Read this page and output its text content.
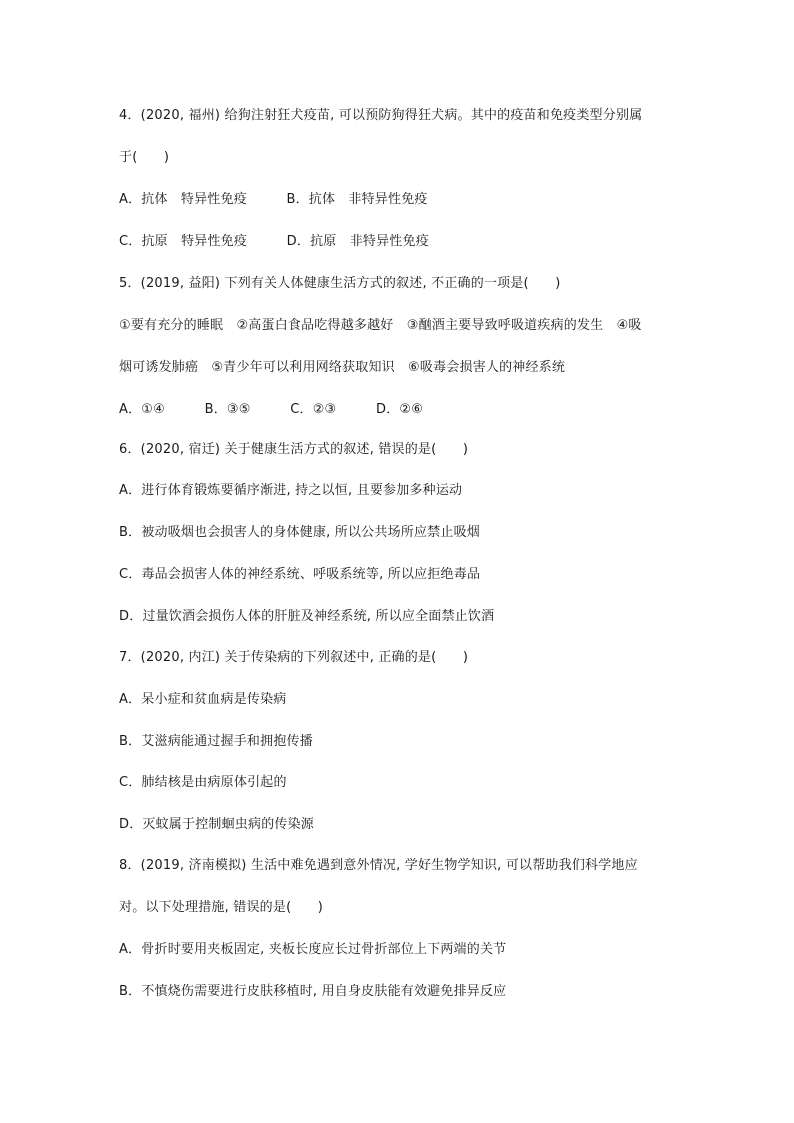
4．(2020, 福州) 给狗注射狂犬疫苗, 可以预防狗得狂犬病。其中的疫苗和免疫类型分别属
于(　　)
A．抗体　特异性免疫　　　B．抗体　非特异性免疫
C．抗原　特异性免疫　　　D．抗原　非特异性免疫
5．(2019, 益阳) 下列有关人体健康生活方式的叙述, 不正确的一项是(　　)
①要有充分的睡眠　②高蛋白食品吃得越多越好　③酗酒主要导致呼吸道疾病的发生　④吸
烟可诱发肺癌　⑤青少年可以利用网络获取知识　⑥吸毒会损害人的神经系统
A．①④　　　B．③⑤　　　C．②③　　　D．②⑥
6．(2020, 宿迁) 关于健康生活方式的叙述, 错误的是(　　)
A．进行体育锻炼要循序渐进, 持之以恒, 且要参加多种运动
B．被动吸烟也会损害人的身体健康, 所以公共场所应禁止吸烟
C．毒品会损害人体的神经系统、呼吸系统等, 所以应拒绝毒品
D．过量饮酒会损伤人体的肝脏及神经系统, 所以应全面禁止饮酒
7．(2020, 内江) 关于传染病的下列叙述中, 正确的是(　　)
A．呆小症和贫血病是传染病
B．艾滋病能通过握手和拥抱传播
C．肺结核是由病原体引起的
D．灭蚊属于控制蛔虫病的传染源
8．(2019, 济南模拟) 生活中难免遇到意外情况, 学好生物学知识, 可以帮助我们科学地应
对。以下处理措施, 错误的是(　　)
A．骨折时要用夹板固定, 夹板长度应长过骨折部位上下两端的关节
B．不慎烧伤需要进行皮肤移植时, 用自身皮肤能有效避免排异反应
